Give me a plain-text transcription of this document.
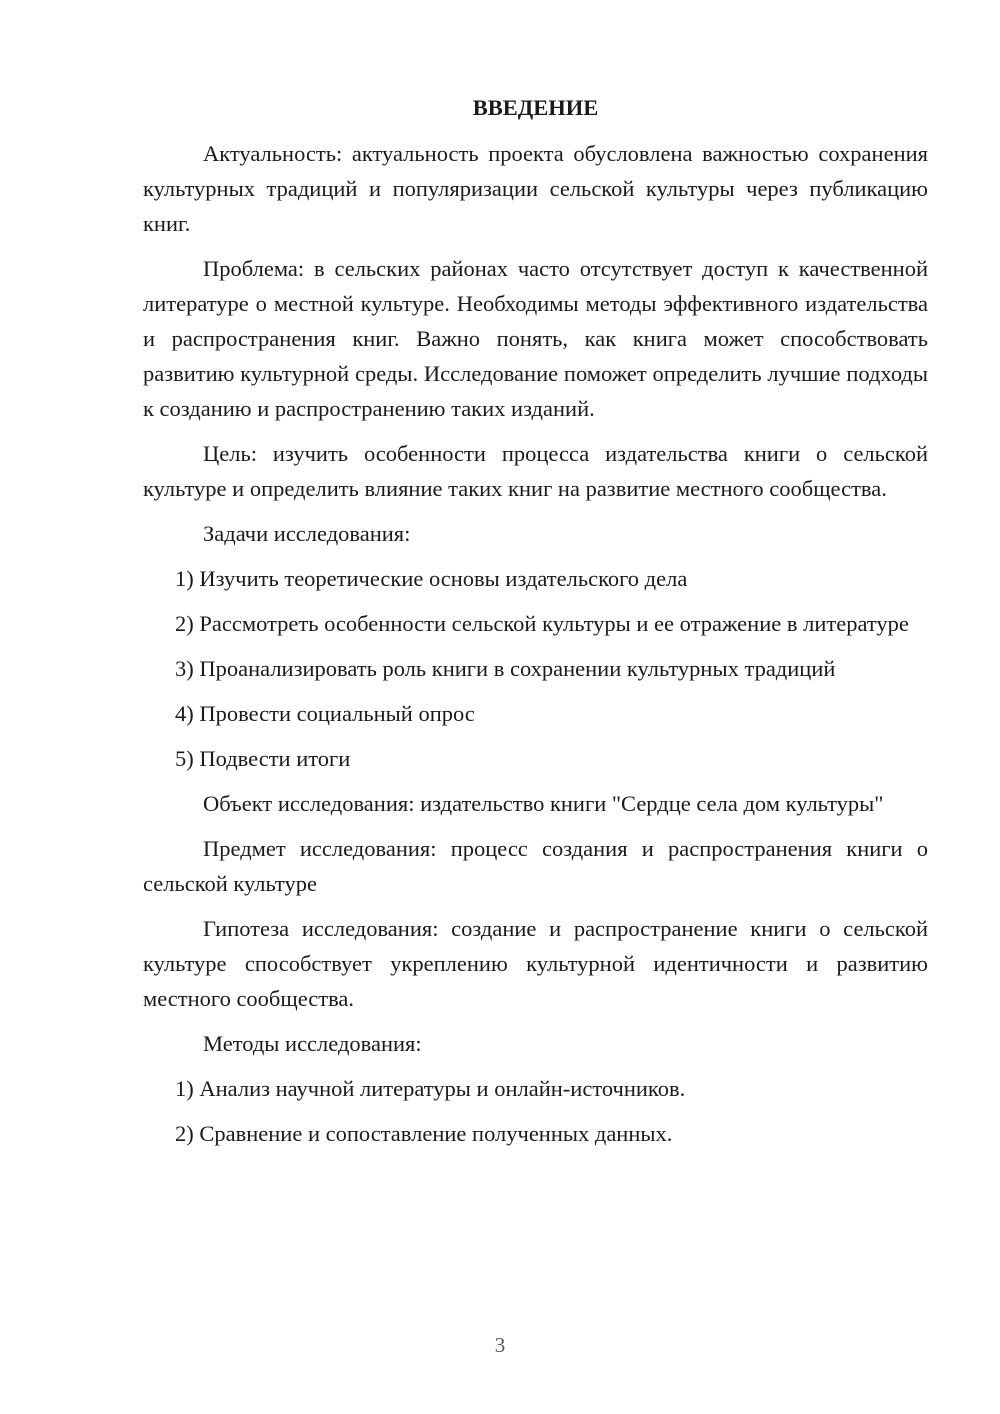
ВВЕДЕНИЕ
Актуальность: актуальность проекта обусловлена важностью сохранения культурных традиций и популяризации сельской культуры через публикацию книг.
Проблема: в сельских районах часто отсутствует доступ к качественной литературе о местной культуре. Необходимы методы эффективного издательства и распространения книг. Важно понять, как книга может способствовать развитию культурной среды. Исследование поможет определить лучшие подходы к созданию и распространению таких изданий.
Цель: изучить особенности процесса издательства книги о сельской культуре и определить влияние таких книг на развитие местного сообщества.
Задачи исследования:
1) Изучить теоретические основы издательского дела
2) Рассмотреть особенности сельской культуры и ее отражение в литературе
3) Проанализировать роль книги в сохранении культурных традиций
4) Провести социальный опрос
5) Подвести итоги
Объект исследования: издательство книги "Сердце села дом культуры"
Предмет исследования: процесс создания и распространения книги о сельской культуре
Гипотеза исследования: создание и распространение книги о сельской культуре способствует укреплению культурной идентичности и развитию местного сообщества.
Методы исследования:
1) Анализ научной литературы и онлайн-источников.
2) Сравнение и сопоставление полученных данных.
3
